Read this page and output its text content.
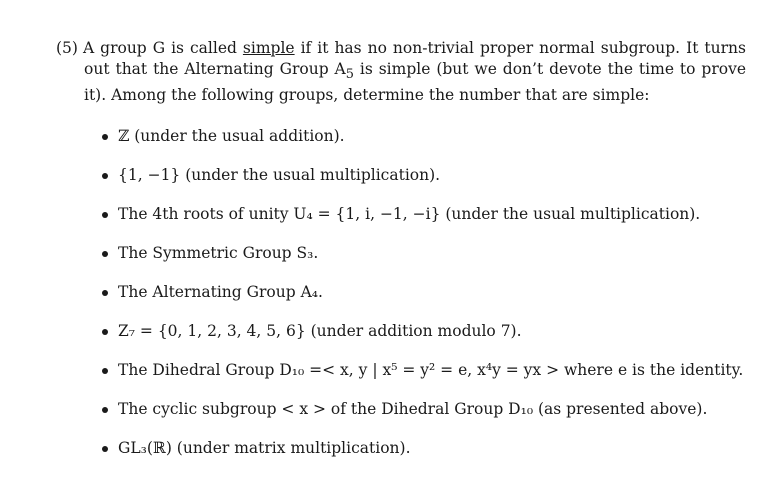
(5) A group G is called simple if it has no non-trivial proper normal subgroup. It turns out that the Alternating Group $A_5$ is simple (but we don’t devote the time to prove it). Among the following groups, determine the number that are simple:

ℤ (under the usual addition).
{1, −1} (under the usual multiplication).
The 4th roots of unity U₄ = {1, i, −1, −i} (under the usual multiplication).
The Symmetric Group S₃.
The Alternating Group A₄.
Z₇ = {0, 1, 2, 3, 4, 5, 6} (under addition modulo 7).
The Dihedral Group D₁₀ =< x, y | x⁵ = y² = e, x⁴y = yx > where e is the identity.
The cyclic subgroup < x > of the Dihedral Group D₁₀ (as presented above).
GL₃(ℝ) (under matrix multiplication).
